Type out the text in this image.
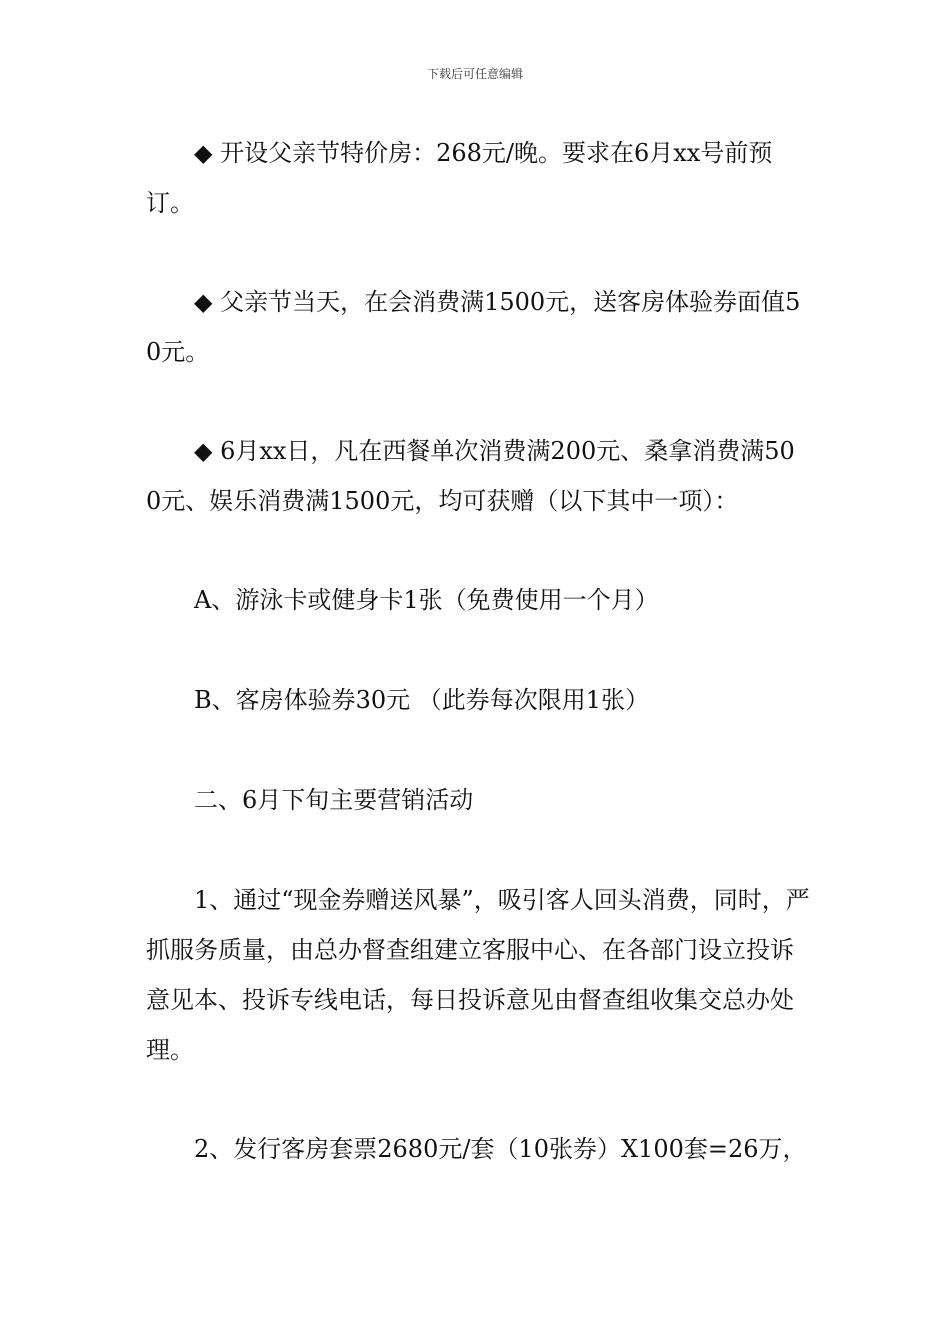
下载后可任意编辑

◆ 开设父亲节特价房：268元/晚。要求在6月xx号前预订。

◆ 父亲节当天，在会消费满1500元，送客房体验券面值50元。

◆ 6月xx日，凡在西餐单次消费满200元、桑拿消费满500元、娱乐消费满1500元，均可获赠（以下其中一项）：

A、游泳卡或健身卡1张（免费使用一个月）

B、客房体验券30元 （此券每次限用1张）

二、6月下旬主要营销活动

1、通过“现金券赠送风暴”，吸引客人回头消费，同时，严抓服务质量，由总办督查组建立客服中心、在各部门设立投诉意见本、投诉专线电话，每日投诉意见由督查组收集交总办处理。

2、发行客房套票2680元/套（10张券）X100套=26万，
